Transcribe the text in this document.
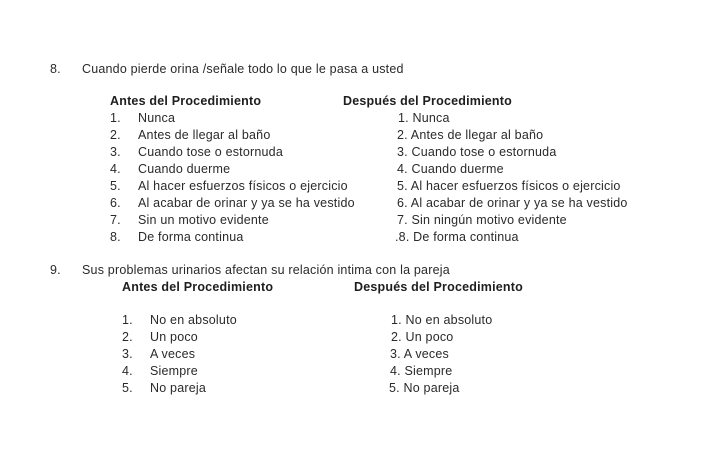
8. Cuando pierde orina /señale todo lo que le pasa a usted
Antes del Procedimiento	Después del Procedimiento
1. Nunca
2. Antes de llegar al baño
3. Cuando tose o estornuda
4. Cuando duerme
5. Al hacer esfuerzos físicos o ejercicio
6. Al acabar de orinar y ya se ha vestido
7. Sin un motivo evidente
8. De forma continua
1. Nunca
2. Antes de llegar al baño
3. Cuando tose o estornuda
4. Cuando duerme
5. Al hacer esfuerzos físicos o ejercicio
6. Al acabar de orinar y ya se ha vestido
7. Sin ningún motivo evidente
.8. De forma continua
9. Sus problemas urinarios afectan su relación intima con la pareja
Antes del Procedimiento	Después del Procedimiento
1. No en absoluto
2. Un poco
3. A veces
4. Siempre
5. No pareja
1. No en absoluto
2. Un poco
3. A veces
4. Siempre
5. No pareja
